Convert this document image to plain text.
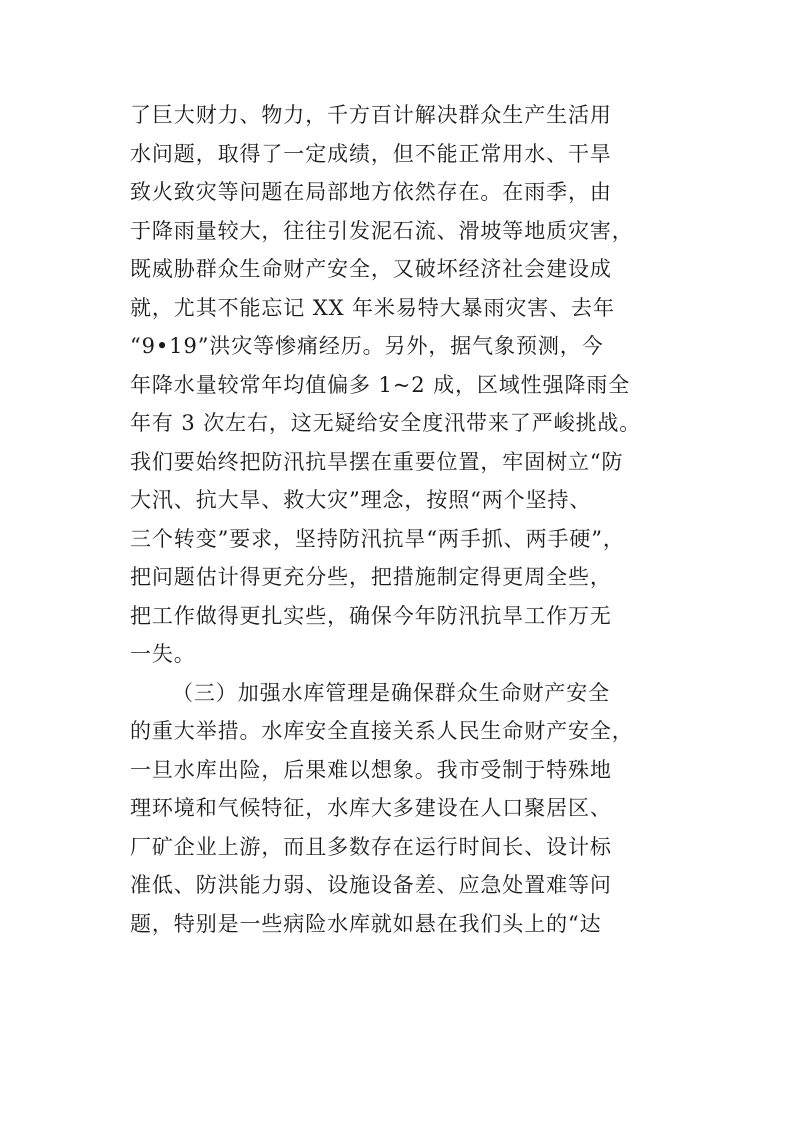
了巨大财力、物力，千方百计解决群众生产生活用
水问题，取得了一定成绩，但不能正常用水、干旱
致火致灾等问题在局部地方依然存在。在雨季，由
于降雨量较大，往往引发泥石流、滑坡等地质灾害，
既威胁群众生命财产安全，又破坏经济社会建设成
就，尤其不能忘记 XX 年米易特大暴雨灾害、去年
“9•19”洪灾等惨痛经历。另外，据气象预测，今
年降水量较常年均值偏多 1~2 成，区域性强降雨全
年有 3 次左右，这无疑给安全度汛带来了严峻挑战。
我们要始终把防汛抗旱摆在重要位置，牢固树立“防
大汛、抗大旱、救大灾”理念，按照“两个坚持、
三个转变”要求，坚持防汛抗旱“两手抓、两手硬”，
把问题估计得更充分些，把措施制定得更周全些，
把工作做得更扎实些，确保今年防汛抗旱工作万无
一失。
（三）加强水库管理是确保群众生命财产安全
的重大举措。水库安全直接关系人民生命财产安全，
一旦水库出险，后果难以想象。我市受制于特殊地
理环境和气候特征，水库大多建设在人口聚居区、
厂矿企业上游，而且多数存在运行时间长、设计标
准低、防洪能力弱、设施设备差、应急处置难等问
题，特别是一些病险水库就如悬在我们头上的“达
